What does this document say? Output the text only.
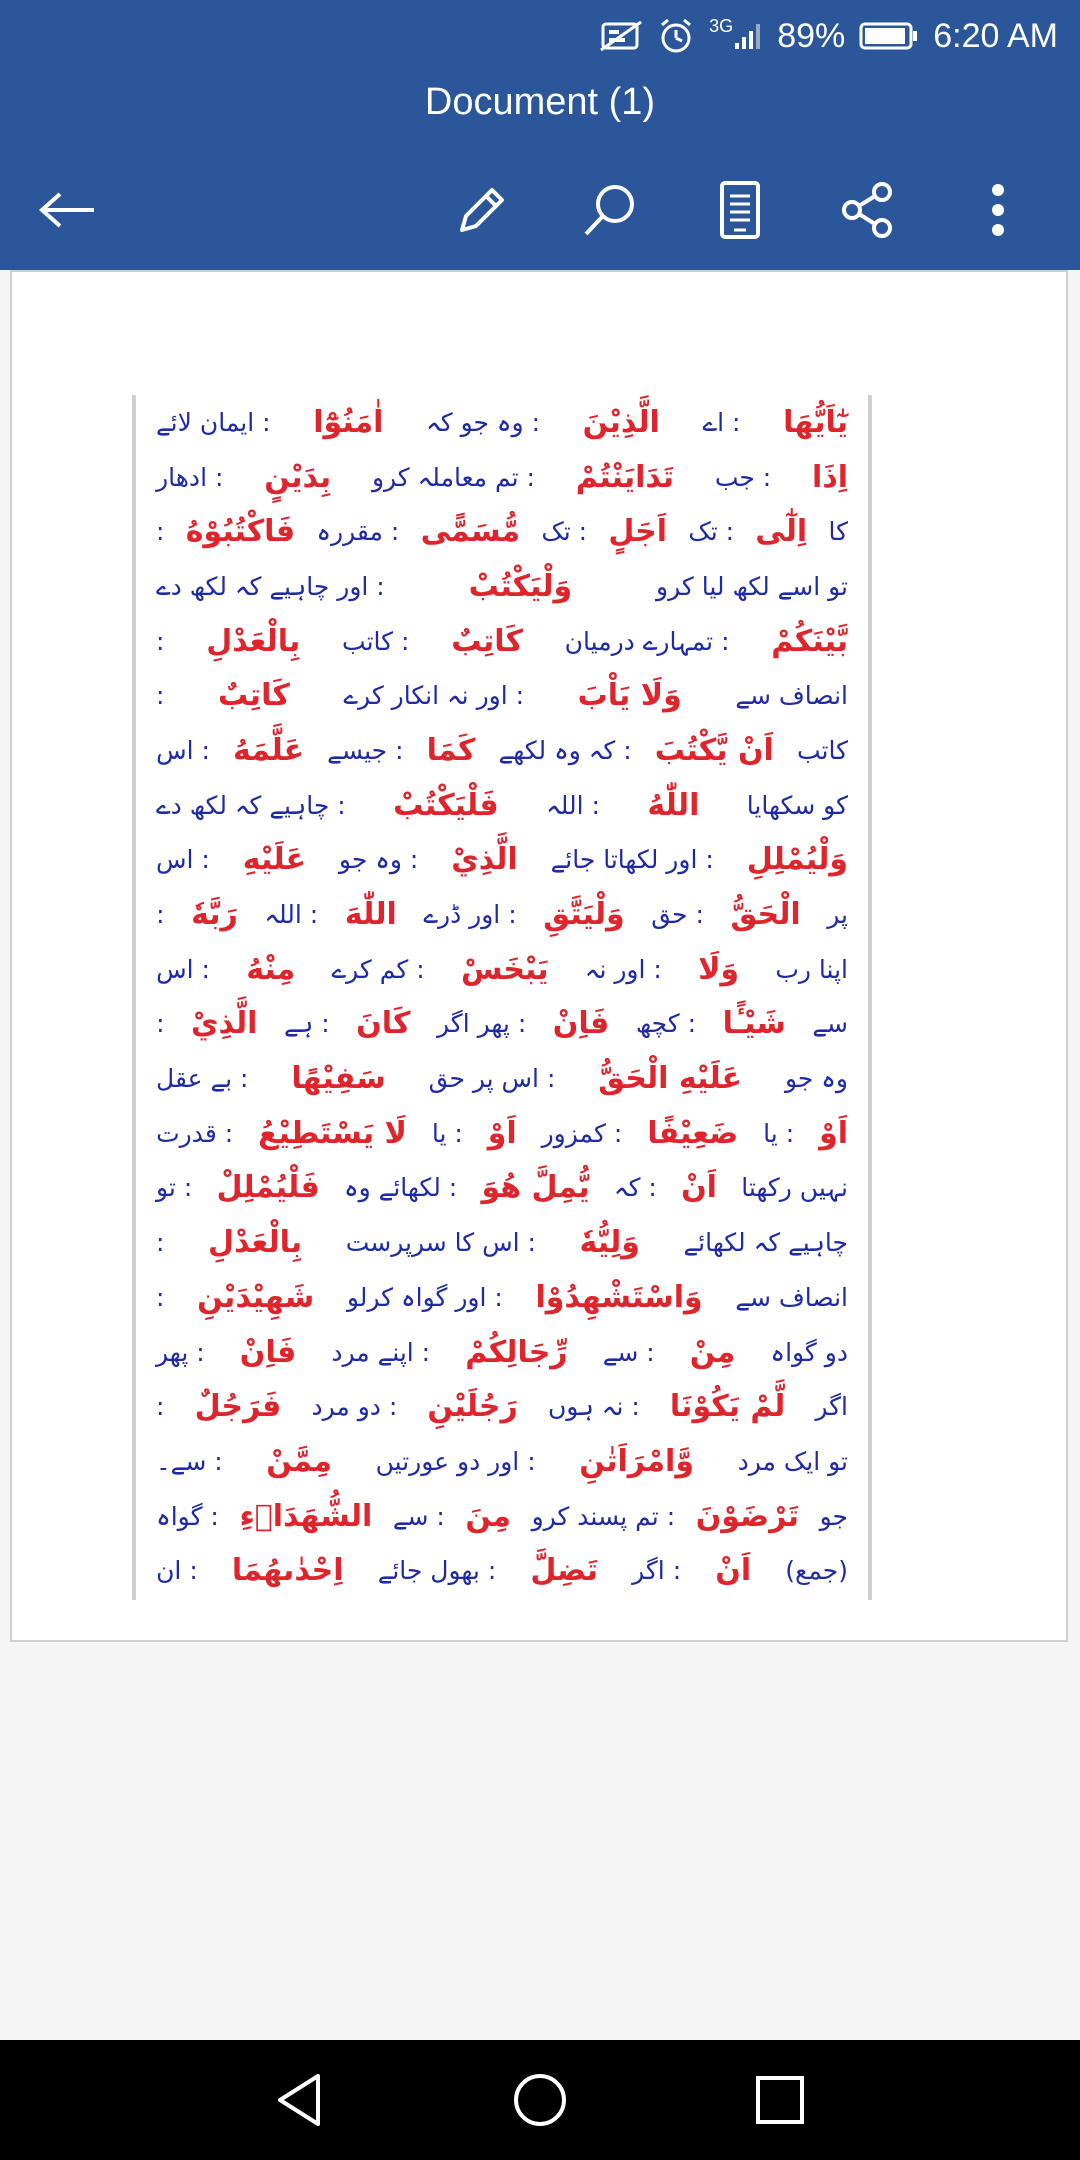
3G 89%	6:20 AM
Document (1)
يٰٓاَيُّهَا
: اے
الَّذِيْنَ
: وہ جو کہ
اٰمَنُوْٓا
: ایمان لائے
اِذَا
: جب
تَدَايَنْتُمْ
: تم معاملہ کرو
بِدَيْنٍ
: ادھار
کا
اِلٰٓى
: تک
اَجَلٍ
: تک
مُّسَمًّى
: مقررہ
فَاكْتُبُوْهُ
:
تو اسے لکھ لیا کرو
وَلْيَكْتُبْ
: اور چاہیے کہ لکھ دے
بَّيْنَكُمْ
: تمہارے درمیان
كَاتِبٌ
: کاتب
بِالْعَدْلِ
:
انصاف سے
وَلَا يَاْبَ
: اور نہ انکار کرے
كَاتِبٌ
:
کاتب
اَنْ يَّكْتُبَ
: کہ وہ لکھے
كَمَا
: جیسے
عَلَّمَهُ
: اس
کو سکھایا
اللّٰهُ
: اللہ
فَلْيَكْتُبْ
: چاہیے کہ لکھ دے
وَلْيُمْلِلِ
: اور لکھاتا جائے
الَّذِيْ
: وہ جو
عَلَيْهِ
: اس
پر
الْحَقُّ
: حق
وَلْيَتَّقِ
: اور ڈرے
اللّٰهَ
: اللہ
رَبَّهٗ
:
اپنا رب
وَلَا
: اور نہ
يَبْخَسْ
: کم کرے
مِنْهُ
: اس
سے
شَيْـًٔا
: کچھ
فَاِنْ
: پھر اگر
كَانَ
: ہے
الَّذِيْ
:
وہ جو
عَلَيْهِ الْحَقُّ
: اس پر حق
سَفِيْهًا
: بے عقل
اَوْ
: یا
ضَعِيْفًا
: کمزور
اَوْ
: یا
لَا يَسْتَطِيْعُ
: قدرت
نہیں رکھتا
اَنْ
: کہ
يُّمِلَّ هُوَ
: لکھائے وہ
فَلْيُمْلِلْ
: تو
چاہیے کہ لکھائے
وَلِيُّهٗ
: اس کا سرپرست
بِالْعَدْلِ
:
انصاف سے
وَاسْتَشْهِدُوْا
: اور گواہ کرلو
شَهِيْدَيْنِ
:
دو گواہ
مِنْ
: سے
رِّجَالِكُمْ
: اپنے مرد
فَاِنْ
: پھر
اگر
لَّمْ يَكُوْنَا
: نہ ہوں
رَجُلَيْنِ
: دو مرد
فَرَجُلٌ
:
تو ایک مرد
وَّامْرَاَتٰنِ
: اور دو عورتیں
مِمَّنْ
: سے۔
جو
تَرْضَوْنَ
: تم پسند کرو
مِنَ
: سے
الشُّهَدَاۗءِ
: گواہ
(جمع)
اَنْ
: اگر
تَضِلَّ
: بھول جائے
اِحْدٰىهُمَا
: ان
